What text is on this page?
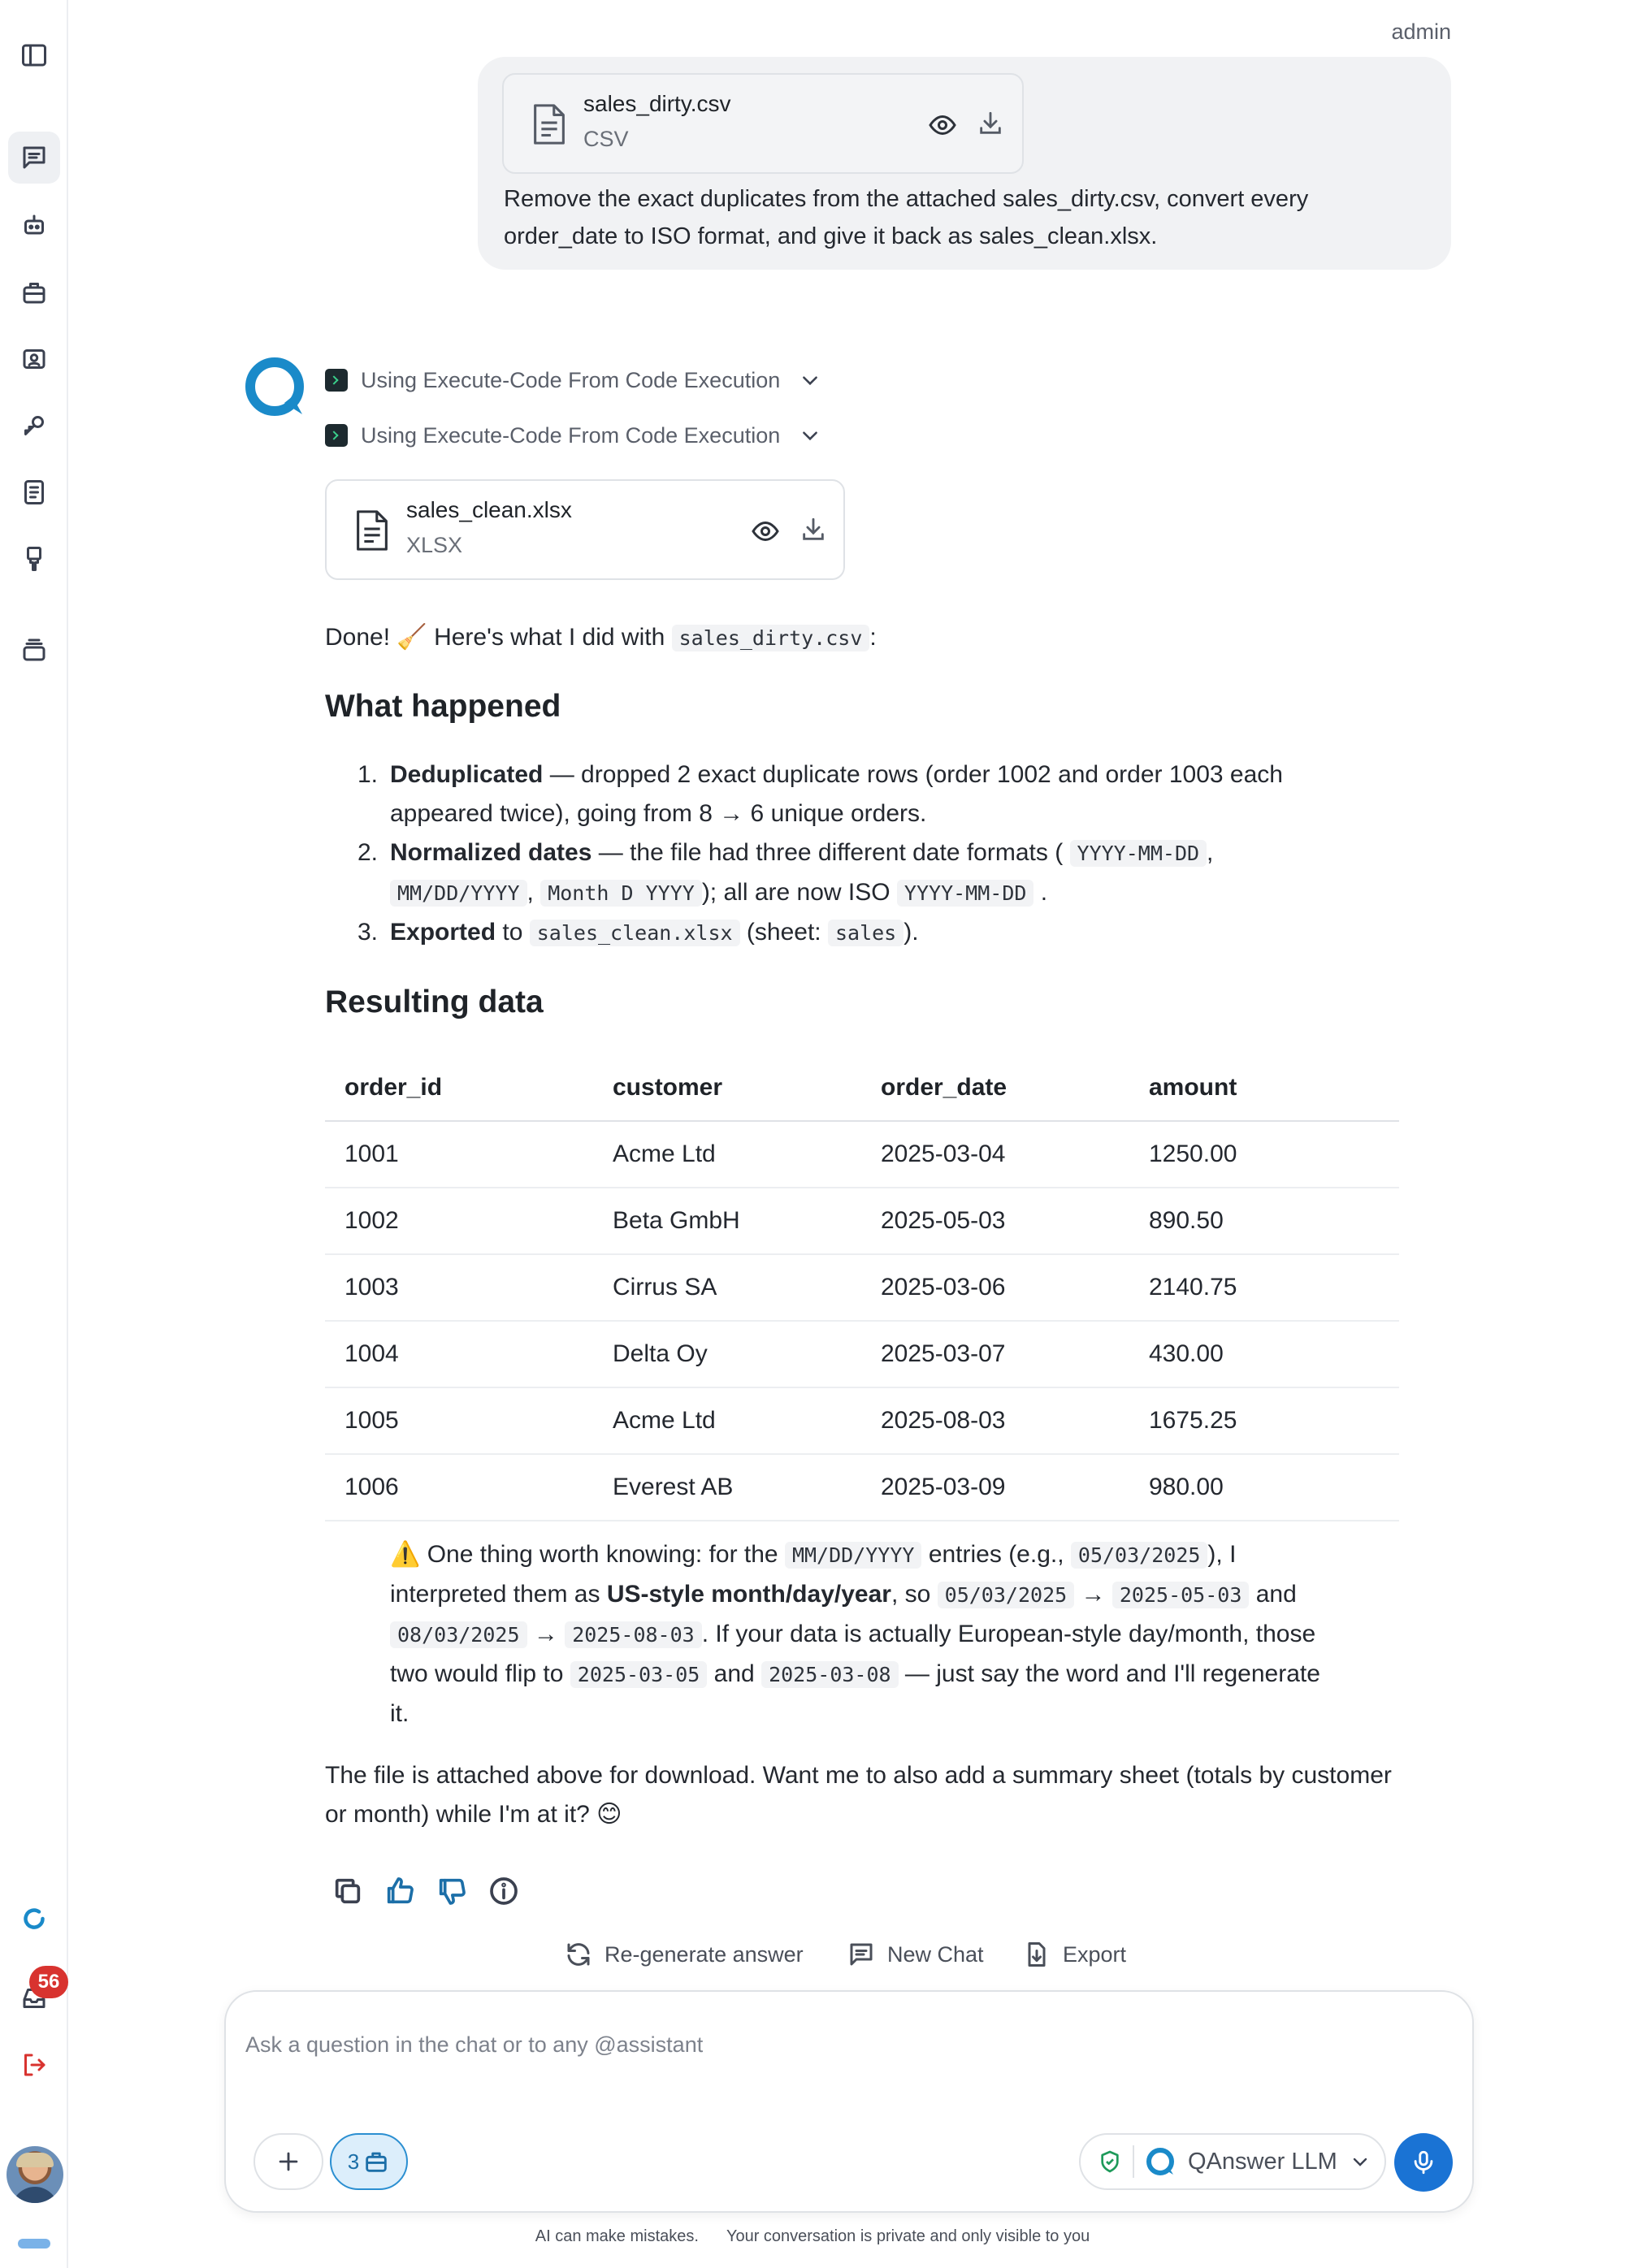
56
admin
sales_dirty.csv
CSV
Remove the exact duplicates from the attached sales_dirty.csv, convert every order_date to ISO format, and give it back as sales_clean.xlsx.
Using Execute-Code From Code Execution
Using Execute-Code From Code Execution
sales_clean.xlsx
XLSX
Done! 🧹 Here's what I did with sales_dirty.csv :
What happened
1. Deduplicated — dropped 2 exact duplicate rows (order 1002 and order 1003 each
appeared twice), going from 8 → 6 unique orders.
2. Normalized dates — the file had three different date formats ( YYYY-MM-DD ,
MM/DD/YYYY , Month D YYYY ); all are now ISO YYYY-MM-DD .
3. Exported to sales_clean.xlsx (sheet: sales ).
Resulting data
order_id	customer	order_date	amount
1001	Acme Ltd	2025-03-04	1250.00
1002	Beta GmbH	2025-05-03	890.50
1003	Cirrus SA	2025-03-06	2140.75
1004	Delta Oy	2025-03-07	430.00
1005	Acme Ltd	2025-08-03	1675.25
1006	Everest AB	2025-03-09	980.00
⚠️ One thing worth knowing: for the MM/DD/YYYY entries (e.g., 05/03/2025 ), I interpreted them as US-style month/day/year, so 05/03/2025 → 2025-05-03 and 08/03/2025 → 2025-08-03 . If your data is actually European-style day/month, those two would flip to 2025-03-05 and 2025-03-08 — just say the word and I'll regenerate it.
The file is attached above for download. Want me to also add a summary sheet (totals by customer or month) while I'm at it? 😊
Re-generate answer	New Chat	Export
Ask a question in the chat or to any @assistant
3	QAnswer LLM
AI can make mistakes. Your conversation is private and only visible to you
